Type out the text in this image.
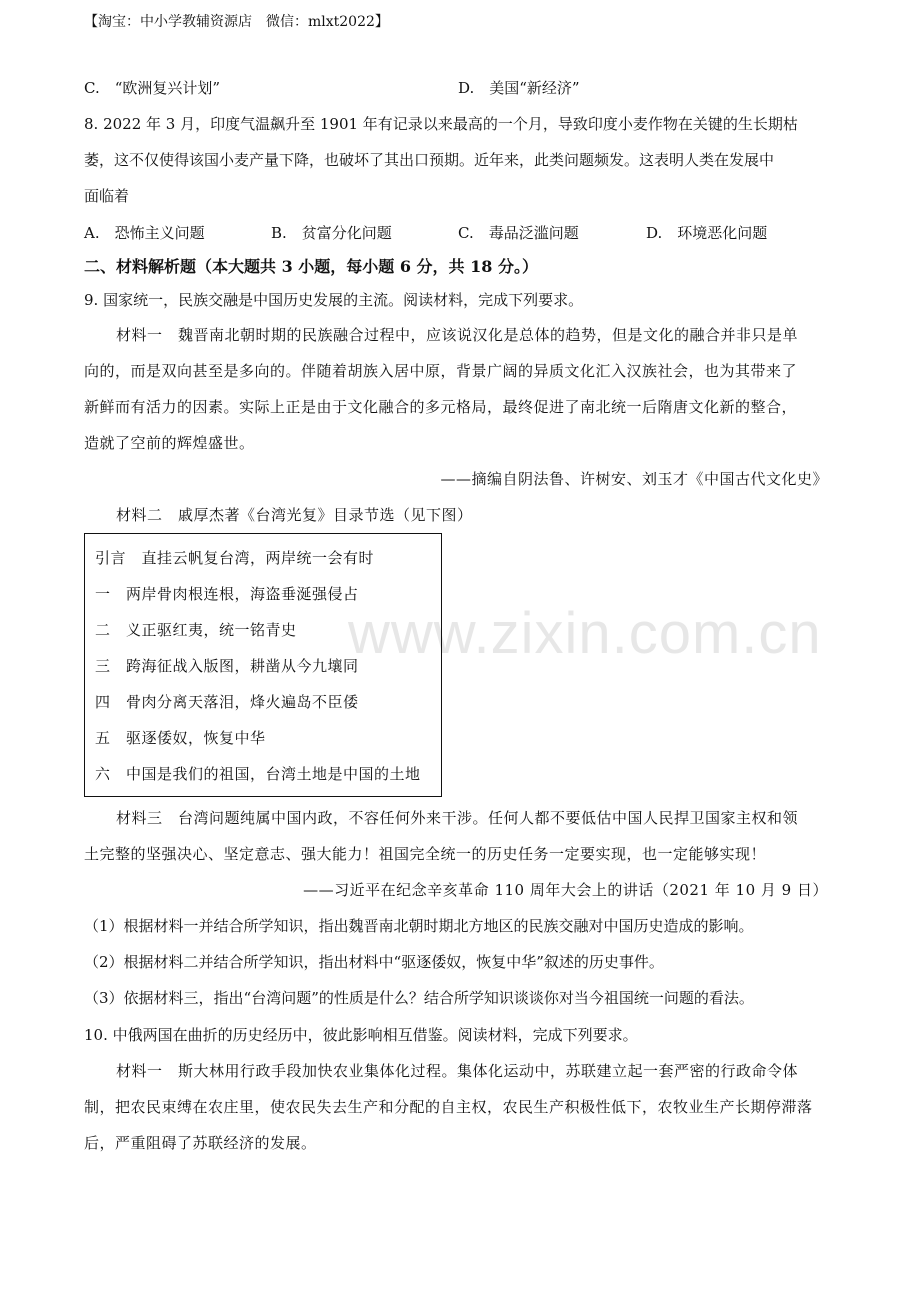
www.zixin.com.cn
【淘宝：中小学教辅资源店　微信：mlxt2022】
C.　“欧洲复兴计划”	D.　美国“新经济”
8. 2022 年 3 月，印度气温飙升至 1901 年有记录以来最高的一个月，导致印度小麦作物在关键的生长期枯
萎，这不仅使得该国小麦产量下降，也破坏了其出口预期。近年来，此类问题频发。这表明人类在发展中
面临着
A.　恐怖主义问题	B.　贫富分化问题	C.　毒品泛滥问题	D.　环境恶化问题
二、材料解析题（本大题共 3 小题，每小题 6 分，共 18 分。）
9. 国家统一，民族交融是中国历史发展的主流。阅读材料，完成下列要求。
材料一　魏晋南北朝时期的民族融合过程中，应该说汉化是总体的趋势，但是文化的融合并非只是单
向的，而是双向甚至是多向的。伴随着胡族入居中原，背景广阔的异质文化汇入汉族社会，也为其带来了
新鲜而有活力的因素。实际上正是由于文化融合的多元格局，最终促进了南北统一后隋唐文化新的整合，
造就了空前的辉煌盛世。
——摘编自阴法鲁、许树安、刘玉才《中国古代文化史》
材料二　戚厚杰著《台湾光复》目录节选（见下图）
引言　直挂云帆复台湾，两岸统一会有时
一　两岸骨肉根连根，海盗垂涎强侵占
二　义正驱红夷，统一铭青史
三　跨海征战入版图，耕凿从今九壤同
四　骨肉分离天落泪，烽火遍岛不臣倭
五　驱逐倭奴，恢复中华
六　中国是我们的祖国，台湾土地是中国的土地
材料三　台湾问题纯属中国内政，不容任何外来干涉。任何人都不要低估中国人民捍卫国家主权和领
土完整的坚强决心、坚定意志、强大能力！祖国完全统一的历史任务一定要实现，也一定能够实现！
——习近平在纪念辛亥革命 110 周年大会上的讲话（2021 年 10 月 9 日）
（1）根据材料一并结合所学知识，指出魏晋南北朝时期北方地区的民族交融对中国历史造成的影响。
（2）根据材料二并结合所学知识，指出材料中“驱逐倭奴，恢复中华”叙述的历史事件。
（3）依据材料三，指出“台湾问题”的性质是什么？结合所学知识谈谈你对当今祖国统一问题的看法。
10. 中俄两国在曲折的历史经历中，彼此影响相互借鉴。阅读材料，完成下列要求。
材料一　斯大林用行政手段加快农业集体化过程。集体化运动中，苏联建立起一套严密的行政命令体
制，把农民束缚在农庄里，使农民失去生产和分配的自主权，农民生产积极性低下，农牧业生产长期停滞落
后，严重阻碍了苏联经济的发展。
